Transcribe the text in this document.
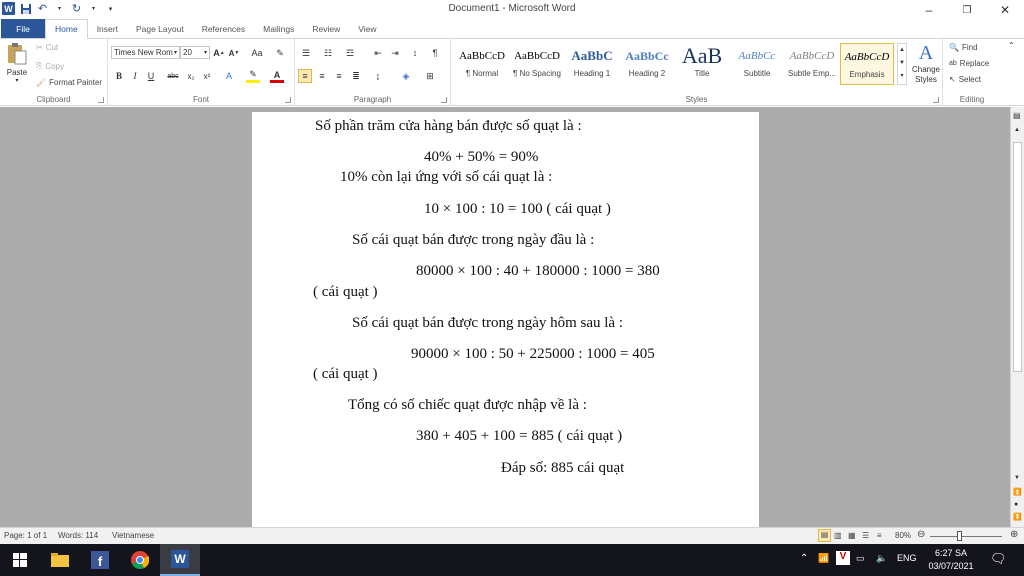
W ↶	▾ ↻	▾	▾	Document1 - Microsoft Word	–	❐	✕
File	Home	Insert	Page Layout	References	Mailings	Review	View
Paste
▾
✂ Cut
⎘ Copy
🖌 Format Painter
Clipboard
Times New Rom ▾ 20 ▾ A ▲ A ▼	Aa	✎
B	I	U	abc	x₂	x²	A	✎	A
Font
☰	☷	☲	⇤	⇥	↕	¶
≡	≡	≡	≣	↨	◈	⊞
Paragraph
AaBbCcD
¶ Normal
AaBbCcD
¶ No Spacing
AaBbC
Heading 1
AaBbCc
Heading 2
AaB
Title
AaBbCc
Subtitle
AaBbCcD
Subtle Emp...
AaBbCcD
Emphasis
▲
▼
▾
A
Change Styles
Styles
🔍 Find
ab Replace
↖ Select
Editing
⌃
Số phần trăm cửa hàng bán được số quạt là :
40% + 50% = 90%
10% còn lại ứng với số cái quạt là :
10 × 100 : 10 = 100 ( cái quạt )
Số cái quạt bán được trong ngày đầu là :
80000 × 100 : 40 + 180000 : 1000 = 380
( cái quạt )
Số cái quạt bán được trong ngày hôm sau là :
90000 × 100 : 50 + 225000 : 1000 = 405
( cái quạt )
Tổng có số chiếc quạt được nhập về là :
380 + 405 + 100 = 885 ( cái quạt )
Đáp số: 885 cái quạt
▤
▲
▼
⏫
●
⏬
Page: 1 of 1 Words: 114 Vietnamese	▤ ▥ ▦ ☰ ≡ 80% ⊖	⊕
f	W	⌃ 📶	V	▭ 🔈 ENG	6:27 SA
03/07/2021 🗨
